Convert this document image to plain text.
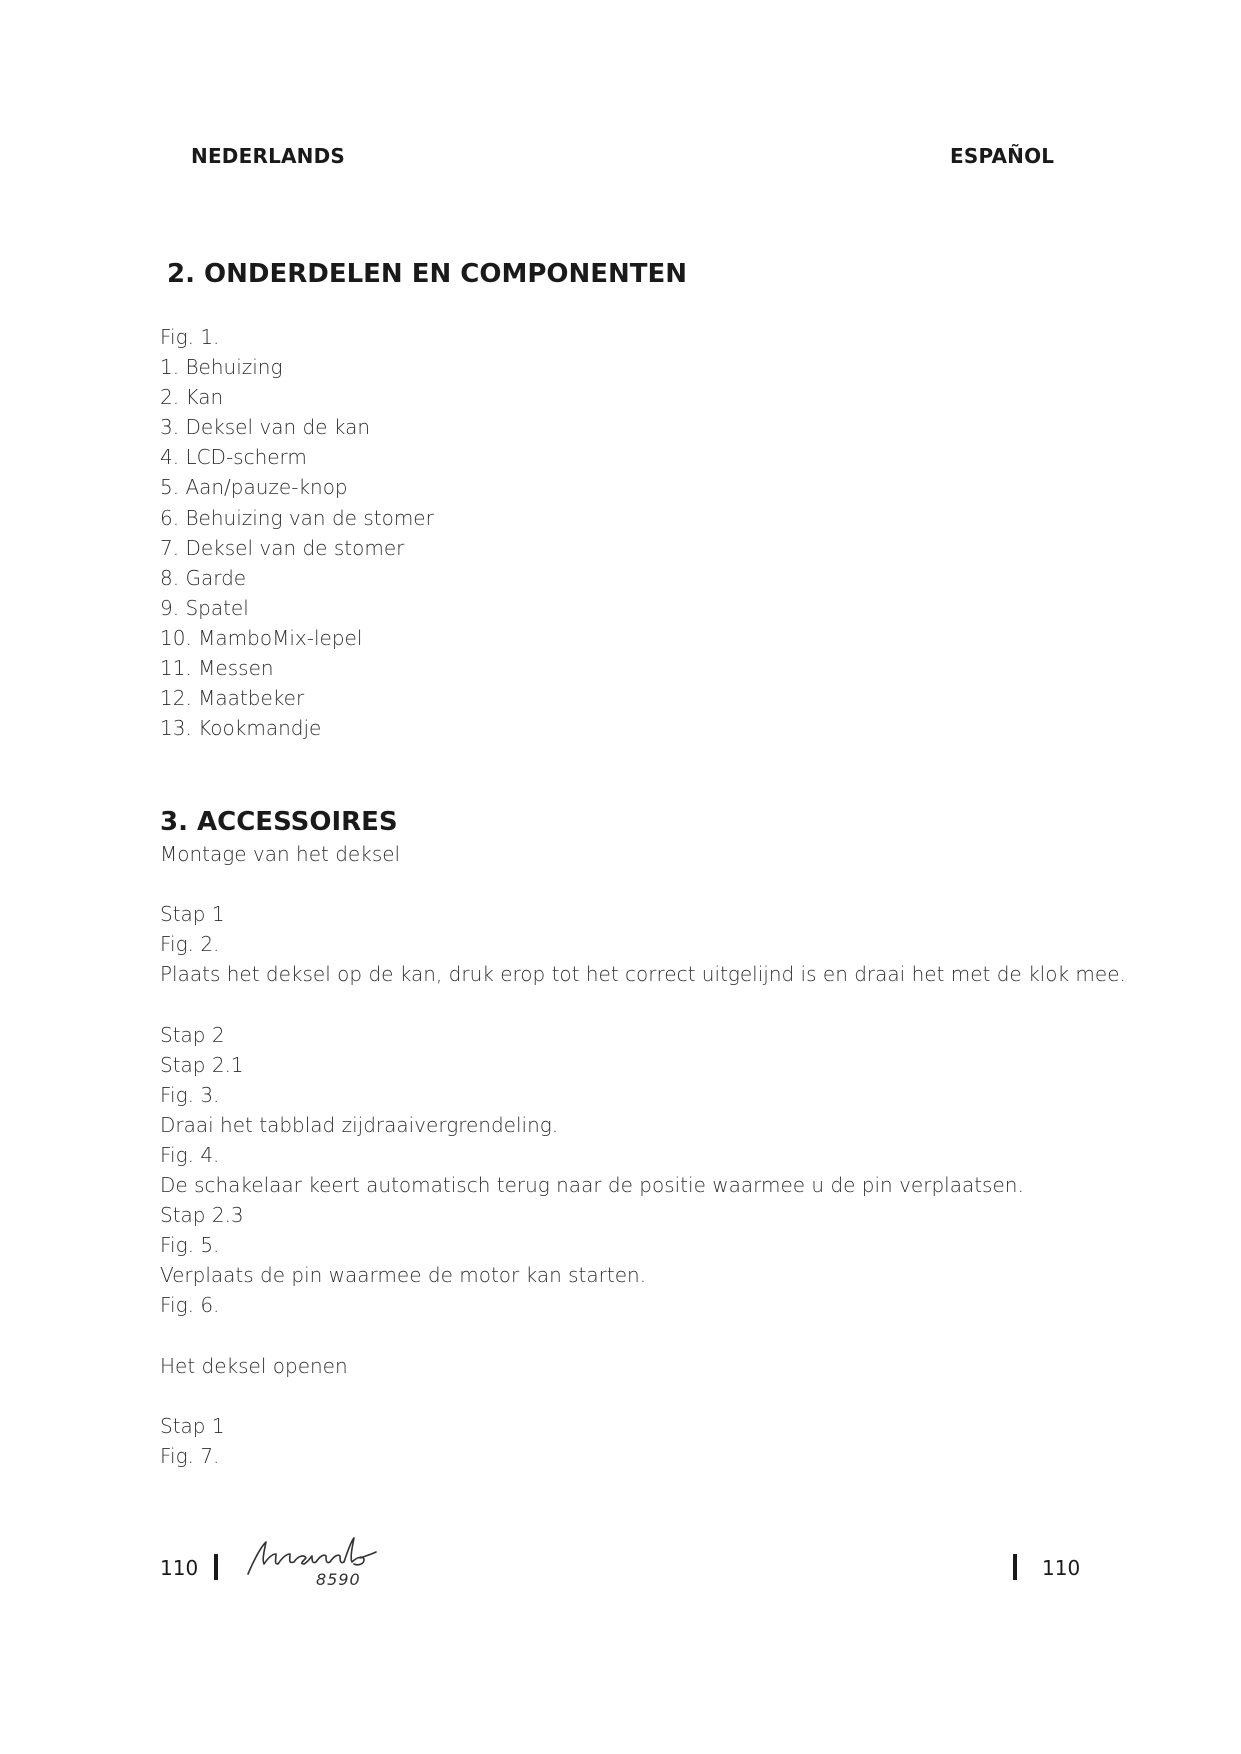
NEDERLANDS	ESPAÑOL
2. ONDERDELEN EN COMPONENTEN
Fig. 1.
1. Behuizing
2. Kan
3. Deksel van de kan
4. LCD-scherm
5. Aan/pauze-knop
6. Behuizing van de stomer
7. Deksel van de stomer
8. Garde
9. Spatel
10. MamboMix-lepel
11. Messen
12. Maatbeker
13. Kookmandje
3. ACCESSOIRES
Montage van het deksel
Stap 1
Fig. 2.
Plaats het deksel op de kan, druk erop tot het correct uitgelijnd is en draai het met de klok mee.
Stap 2
Stap 2.1
Fig. 3.
Draai het tabblad zijdraaivergrendeling.
Fig. 4.
De schakelaar keert automatisch terug naar de positie waarmee u de pin verplaatsen.
Stap 2.3
Fig. 5.
Verplaats de pin waarmee de motor kan starten.
Fig. 6.
Het deksel openen
Stap 1
Fig. 7.
110	8590	110
